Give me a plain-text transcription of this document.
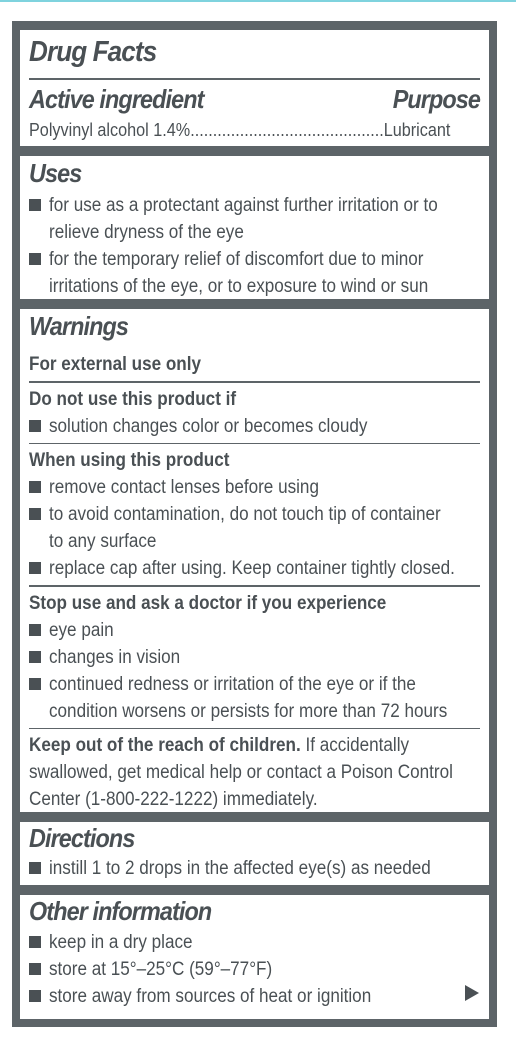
Drug Facts
Active ingredient	Purpose
Polyvinyl alcohol 1.4%...........................................Lubricant
Uses
for use as a protectant against further irritation or to
relieve dryness of the eye
for the temporary relief of discomfort due to minor
irritations of the eye, or to exposure to wind or sun
Warnings
For external use only
Do not use this product if
solution changes color or becomes cloudy
When using this product
remove contact lenses before using
to avoid contamination, do not touch tip of container
to any surface
replace cap after using. Keep container tightly closed.
Stop use and ask a doctor if you experience
eye pain
changes in vision
continued redness or irritation of the eye or if the
condition worsens or persists for more than 72 hours
Keep out of the reach of children. If accidentally
swallowed, get medical help or contact a Poison Control
Center (1-800-222-1222) immediately.
Directions
instill 1 to 2 drops in the affected eye(s) as needed
Other information
keep in a dry place
store at 15°–25°C (59°–77°F)
store away from sources of heat or ignition
